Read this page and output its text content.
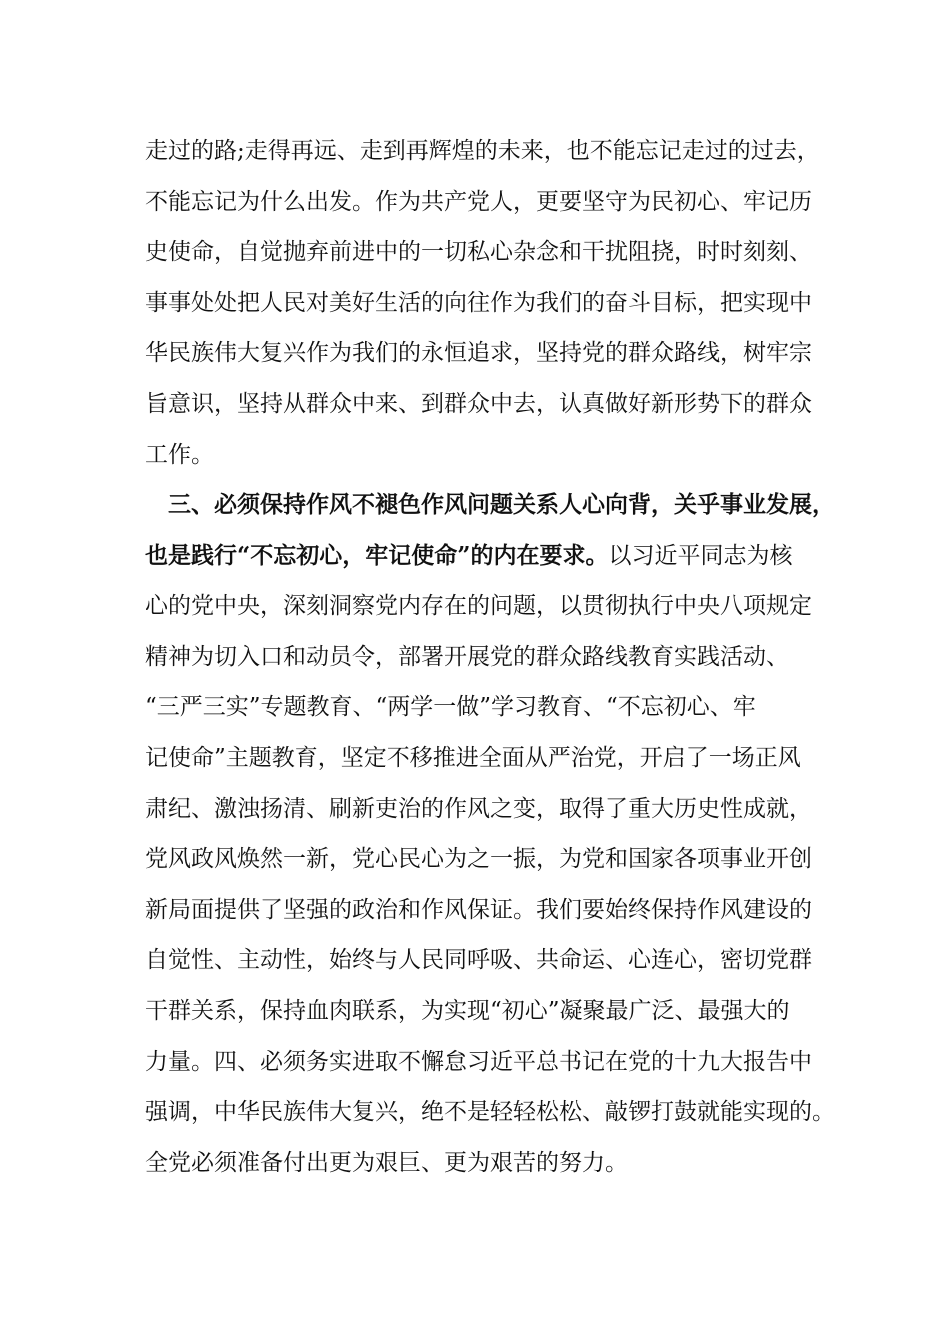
走过的路;走得再远、走到再辉煌的未来，也不能忘记走过的过去，
不能忘记为什么出发。作为共产党人，更要坚守为民初心、牢记历
史使命，自觉抛弃前进中的一切私心杂念和干扰阻挠，时时刻刻、
事事处处把人民对美好生活的向往作为我们的奋斗目标，把实现中
华民族伟大复兴作为我们的永恒追求，坚持党的群众路线，树牢宗
旨意识，坚持从群众中来、到群众中去，认真做好新形势下的群众
工作。
　三、必须保持作风不褪色作风问题关系人心向背，关乎事业发展，
也是践行“不忘初心，牢记使命”的内在要求。以习近平同志为核
心的党中央，深刻洞察党内存在的问题，以贯彻执行中央八项规定
精神为切入口和动员令，部署开展党的群众路线教育实践活动、
“三严三实”专题教育、“两学一做”学习教育、“不忘初心、牢
记使命”主题教育，坚定不移推进全面从严治党，开启了一场正风
肃纪、激浊扬清、刷新吏治的作风之变，取得了重大历史性成就，
党风政风焕然一新，党心民心为之一振，为党和国家各项事业开创
新局面提供了坚强的政治和作风保证。我们要始终保持作风建设的
自觉性、主动性，始终与人民同呼吸、共命运、心连心，密切党群
干群关系，保持血肉联系，为实现“初心”凝聚最广泛、最强大的
力量。四、必须务实进取不懈怠习近平总书记在党的十九大报告中
强调，中华民族伟大复兴，绝不是轻轻松松、敲锣打鼓就能实现的。
全党必须准备付出更为艰巨、更为艰苦的努力。
